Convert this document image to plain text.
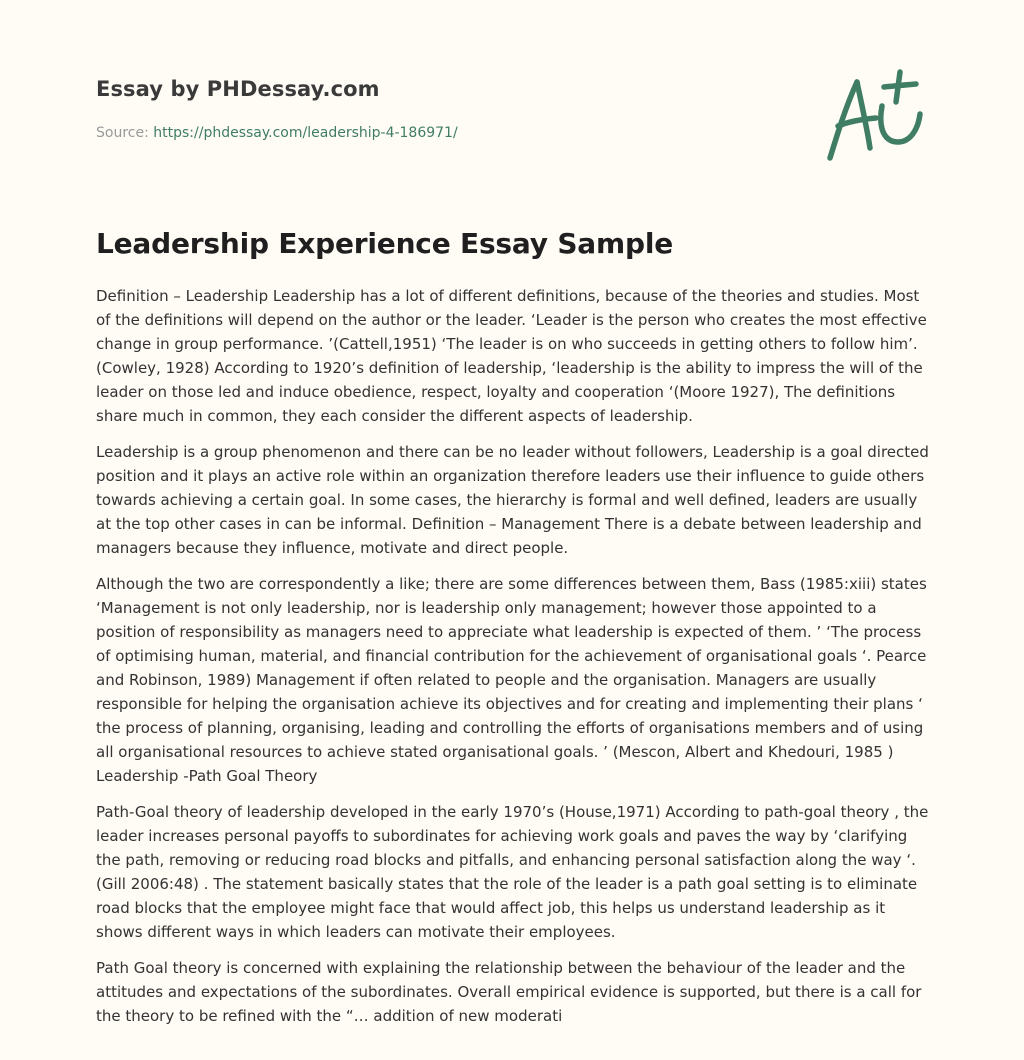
Essay by PHDessay.com
Source: https://phdessay.com/leadership-4-186971/
Leadership Experience Essay Sample

Definition – Leadership Leadership has a lot of different definitions, because of the theories and studies. Most of the definitions will depend on the author or the leader. ‘Leader is the person who creates the most effective change in group performance. ’(Cattell,1951) ‘The leader is on who succeeds in getting others to follow him’. (Cowley, 1928) According to 1920’s definition of leadership, ‘leadership is the ability to impress the will of the leader on those led and induce obedience, respect, loyalty and cooperation ‘(Moore 1927), The definitions share much in common, they each consider the different aspects of leadership.

Leadership is a group phenomenon and there can be no leader without followers, Leadership is a goal directed position and it plays an active role within an organization therefore leaders use their influence to guide others towards achieving a certain goal. In some cases, the hierarchy is formal and well defined, leaders are usually at the top other cases in can be informal. Definition – Management There is a debate between leadership and managers because they influence, motivate and direct people.

Although the two are correspondently a like; there are some differences between them, Bass (1985:xiii) states ‘Management is not only leadership, nor is leadership only management; however those appointed to a position of responsibility as managers need to appreciate what leadership is expected of them. ’ ‘The process of optimising human, material, and financial contribution for the achievement of organisational goals ‘. Pearce and Robinson, 1989) Management if often related to people and the organisation. Managers are usually responsible for helping the organisation achieve its objectives and for creating and implementing their plans ‘ the process of planning, organising, leading and controlling the efforts of organisations members and of using all organisational resources to achieve stated organisational goals. ’ (Mescon, Albert and Khedouri, 1985 ) Leadership -Path Goal Theory

Path-Goal theory of leadership developed in the early 1970’s (House,1971) According to path-goal theory , the leader increases personal payoffs to subordinates for achieving work goals and paves the way by ‘clarifying the path, removing or reducing road blocks and pitfalls, and enhancing personal satisfaction along the way ‘. (Gill 2006:48) . The statement basically states that the role of the leader is a path goal setting is to eliminate road blocks that the employee might face that would affect job, this helps us understand leadership as it shows different ways in which leaders can motivate their employees.

Path Goal theory is concerned with explaining the relationship between the behaviour of the leader and the attitudes and expectations of the subordinates. Overall empirical evidence is supported, but there is a call for the theory to be refined with the “… addition of new moderati
